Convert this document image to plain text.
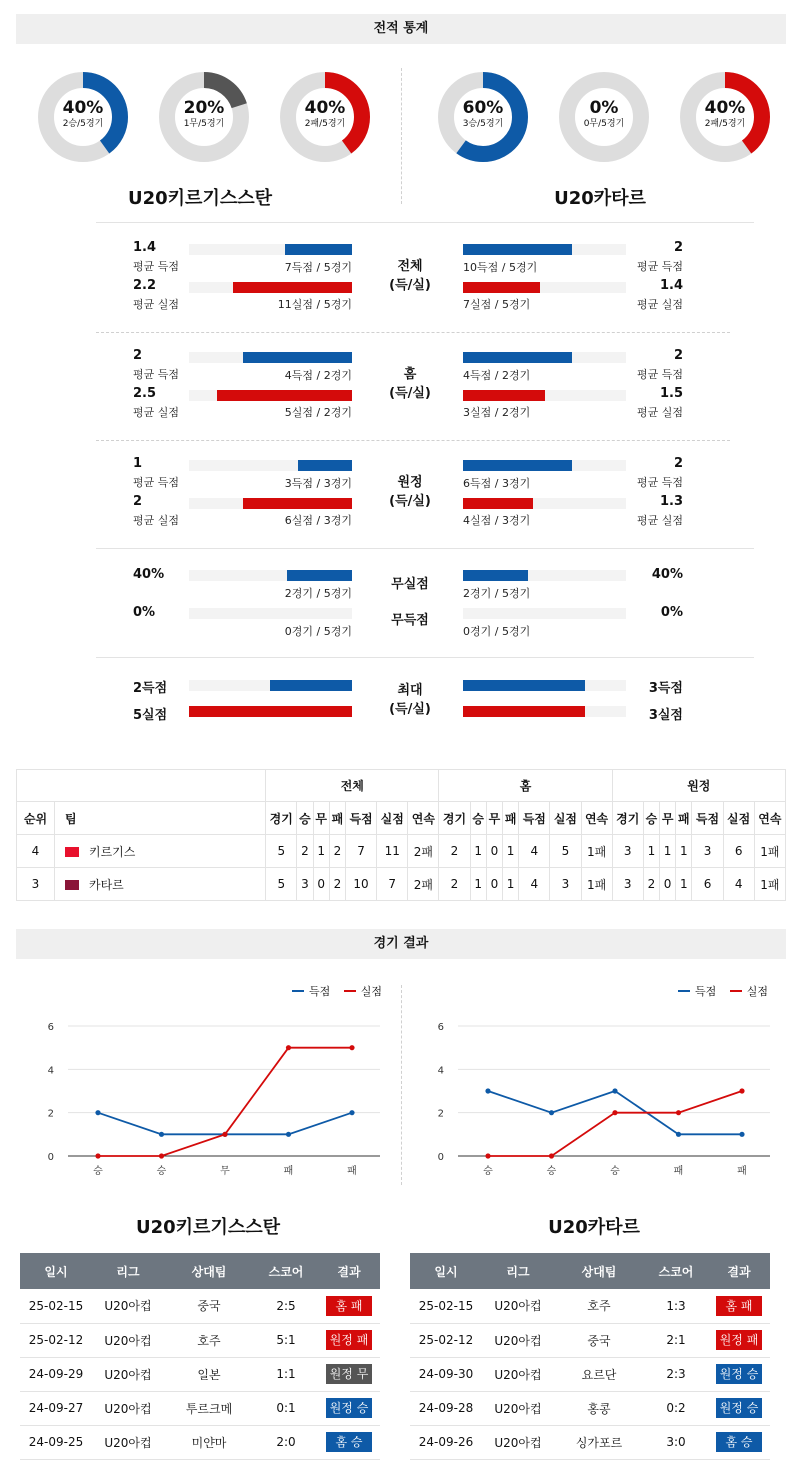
전적 통계
40%
2승/5경기
20%
1무/5경기
40%
2패/5경기
60%
3승/5경기
0%
0무/5경기
40%
2패/5경기
U20키르기스스탄	U20카타르
1.4
평균 득점
2.2
평균 실점
7득점 / 5경기
11실점 / 5경기
전체
(득/실)
10득점 / 5경기
7실점 / 5경기
2
평균 득점
1.4
평균 실점
2
평균 득점
2.5
평균 실점
4득점 / 2경기
5실점 / 2경기
홈
(득/실)
4득점 / 2경기
3실점 / 2경기
2
평균 득점
1.5
평균 실점
1
평균 득점
2
평균 실점
3득점 / 3경기
6실점 / 3경기
원정
(득/실)
6득점 / 3경기
4실점 / 3경기
2
평균 득점
1.3
평균 실점
40%
0%
2경기 / 5경기
0경기 / 5경기
무실점
무득점
2경기 / 5경기
0경기 / 5경기
40%
0%
2득점
5실점
최대
(득/실)
3득점
3실점
		전체							홈							원정						
순위	팀	경기	승	무	패	득점	실점	연속	경기	승	무	패	득점	실점	연속	경기	승	무	패	득점	실점	연속
4	키르기스	5	2	1	2	7	11	2패	2	1	0	1	4	5	1패	3	1	1	1	3	6	1패
3	카타르	5	3	0	2	10	7	2패	2	1	0	1	4	3	1패	3	2	0	1	6	4	1패
경기 결과
득점	실점	득점	실점
0
2
4
6
승	승	무	패	패
0
2
4
6
승	승	승	패	패
U20키르기스스탄	U20카타르
일시	리그	상대팀	스코어	결과
25-02-15	U20아컵	중국	2:5	홈 패
25-02-12	U20아컵	호주	5:1	원정 패
24-09-29	U20아컵	일본	1:1	원정 무
24-09-27	U20아컵	투르크메	0:1	원정 승
24-09-25	U20아컵	미얀마	2:0	홈 승
일시	리그	상대팀	스코어	결과
25-02-15	U20아컵	호주	1:3	홈 패
25-02-12	U20아컵	중국	2:1	원정 패
24-09-30	U20아컵	요르단	2:3	원정 승
24-09-28	U20아컵	홍콩	0:2	원정 승
24-09-26	U20아컵	싱가포르	3:0	홈 승
